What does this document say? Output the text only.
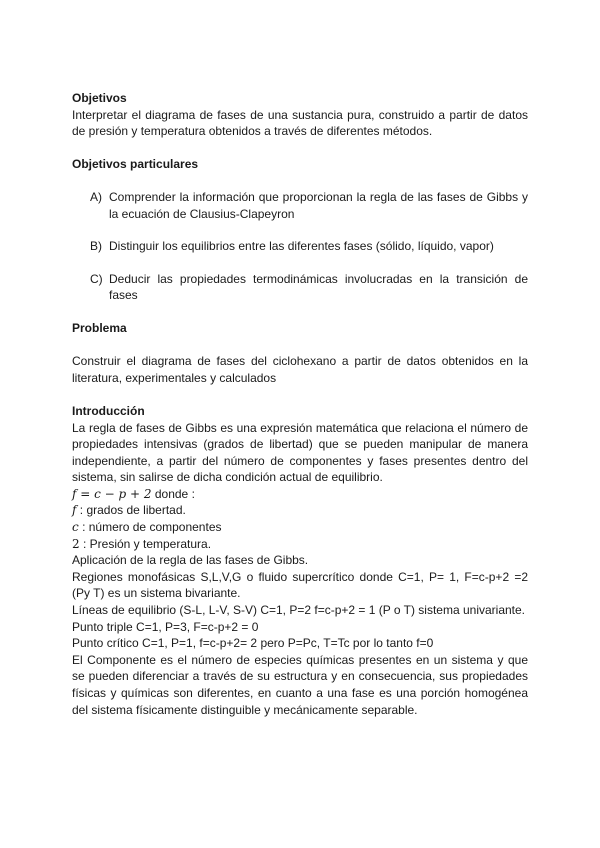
Objetivos

Interpretar el diagrama de fases de una sustancia pura, construido a partir de datos de presión y temperatura obtenidos a través de diferentes métodos.

Objetivos particulares

A) Comprender la información que proporcionan la regla de las fases de Gibbs y la ecuación de Clausius-Clapeyron
B) Distinguir los equilibrios entre las diferentes fases (sólido, líquido, vapor)
C) Deducir las propiedades termodinámicas involucradas en la transición de fases

Problema

Construir el diagrama de fases del ciclohexano a partir de datos obtenidos en la literatura, experimentales y calculados

Introducción

La regla de fases de Gibbs es una expresión matemática que relaciona el número de propiedades intensivas (grados de libertad) que se pueden manipular de manera independiente, a partir del número de componentes y fases presentes dentro del sistema, sin salirse de dicha condición actual de equilibrio.

f = c − p + 2 donde :

f : grados de libertad.

c : número de componentes

2 : Presión y temperatura.

Aplicación de la regla de las fases de Gibbs.

Regiones monofásicas S,L,V,G o fluido supercrítico donde C=1, P= 1, F=c-p+2 =2 (Py T) es un sistema bivariante.

Líneas de equilibrio (S-L, L-V, S-V) C=1, P=2 f=c-p+2 = 1 (P o T) sistema univariante.

Punto triple C=1, P=3, F=c-p+2 = 0

Punto crítico C=1, P=1, f=c-p+2= 2 pero P=Pc, T=Tc por lo tanto f=0

El Componente es el número de especies químicas presentes en un sistema y que se pueden diferenciar a través de su estructura y en consecuencia, sus propiedades físicas y químicas son diferentes, en cuanto a una fase es una porción homogénea del sistema físicamente distinguible y mecánicamente separable.
